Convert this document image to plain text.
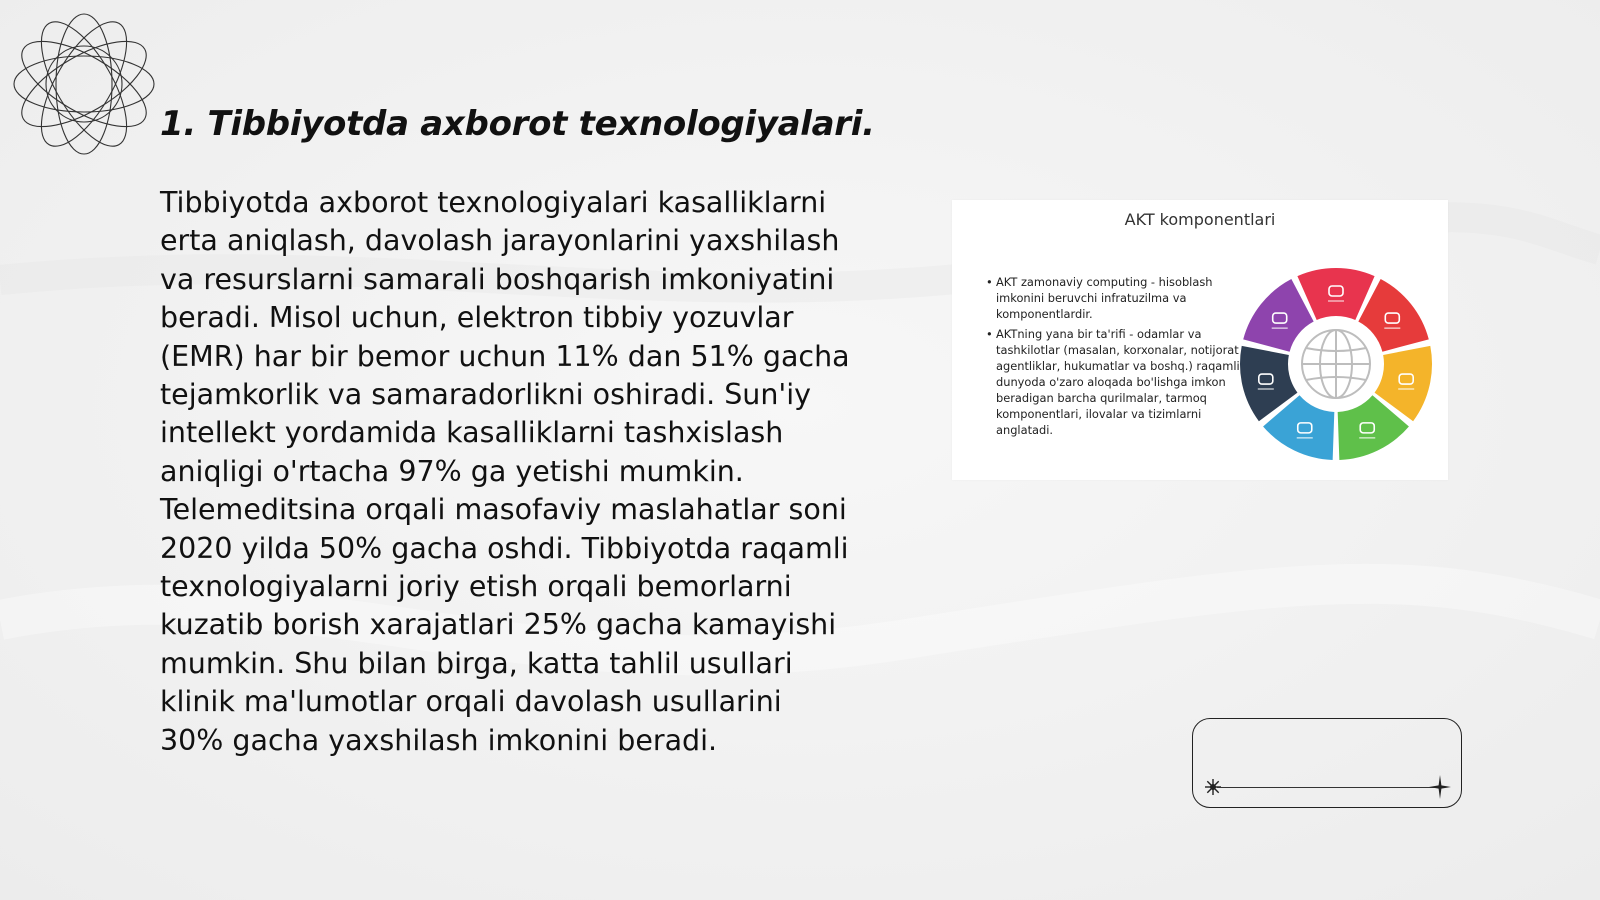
1. Tibbiyotda axborot texnologiyalari.

Tibbiyotda axborot texnologiyalari kasalliklarni erta aniqlash, davolash jarayonlarini yaxshilash va resurslarni samarali boshqarish imkoniyatini beradi. Misol uchun, elektron tibbiy yozuvlar (EMR) har bir bemor uchun 11% dan 51% gacha tejamkorlik va samaradorlikni oshiradi. Sun'iy intellekt yordamida kasalliklarni tashxislash aniqligi o'rtacha 97% ga yetishi mumkin. Telemeditsina orqali masofaviy maslahatlar soni 2020 yilda 50% gacha oshdi. Tibbiyotda raqamli texnologiyalarni joriy etish orqali bemorlarni kuzatib borish xarajatlari 25% gacha kamayishi mumkin. Shu bilan birga, katta tahlil usullari klinik ma'lumotlar orqali davolash usullarini 30% gacha yaxshilash imkonini beradi.

AKT komponentlari
• AKT zamonaviy computing - hisoblash imkonini beruvchi infratuzilma va komponentlardir.
• AKTning yana bir ta'rifi - odamlar va tashkilotlar (masalan, korxonalar, notijorat agentliklar, hukumatlar va boshq.) raqamli dunyoda o'zaro aloqada bo'lishga imkon beradigan barcha qurilmalar, tarmoq komponentlari, ilovalar va tizimlarni anglatadi.
